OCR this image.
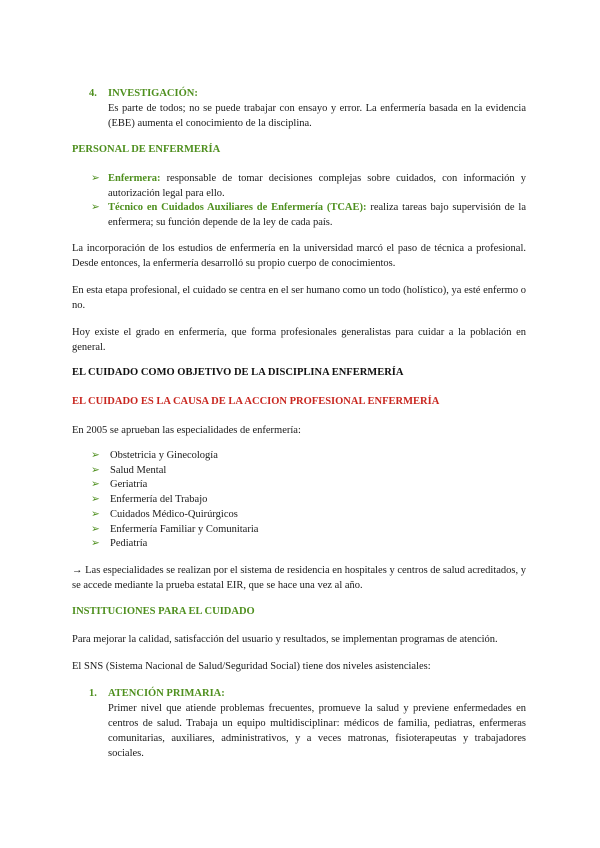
4. INVESTIGACIÓN:

Es parte de todos; no se puede trabajar con ensayo y error. La enfermería basada en la evidencia (EBE) aumenta el conocimiento de la disciplina.

PERSONAL DE ENFERMERÍA
➢ Enfermera: responsable de tomar decisiones complejas sobre cuidados, con información y autorización legal para ello.

➢ Técnico en Cuidados Auxiliares de Enfermería (TCAE): realiza tareas bajo supervisión de la enfermera; su función depende de la ley de cada país.

La incorporación de los estudios de enfermería en la universidad marcó el paso de técnica a profesional. Desde entonces, la enfermería desarrolló su propio cuerpo de conocimientos.

En esta etapa profesional, el cuidado se centra en el ser humano como un todo (holístico), ya esté enfermo o no.

Hoy existe el grado en enfermería, que forma profesionales generalistas para cuidar a la población en general.

EL CUIDADO COMO OBJETIVO DE LA DISCIPLINA ENFERMERÍA
EL CUIDADO ES LA CAUSA DE LA ACCION PROFESIONAL ENFERMERÍA
En 2005 se aprueban las especialidades de enfermería:
➢ Obstetricia y Ginecología
➢ Salud Mental
➢ Geriatría
➢ Enfermería del Trabajo
➢ Cuidados Médico-Quirúrgicos
➢ Enfermería Familiar y Comunitaria
➢ Pediatría

→ Las especialidades se realizan por el sistema de residencia en hospitales y centros de salud acreditados, y se accede mediante la prueba estatal EIR, que se hace una vez al año.

INSTITUCIONES PARA EL CUIDADO

Para mejorar la calidad, satisfacción del usuario y resultados, se implementan programas de atención.

El SNS (Sistema Nacional de Salud/Seguridad Social) tiene dos niveles asistenciales:

1. ATENCIÓN PRIMARIA:

Primer nivel que atiende problemas frecuentes, promueve la salud y previene enfermedades en centros de salud. Trabaja un equipo multidisciplinar: médicos de familia, pediatras, enfermeras comunitarias, auxiliares, administrativos, y a veces matronas, fisioterapeutas y trabajadores sociales.
